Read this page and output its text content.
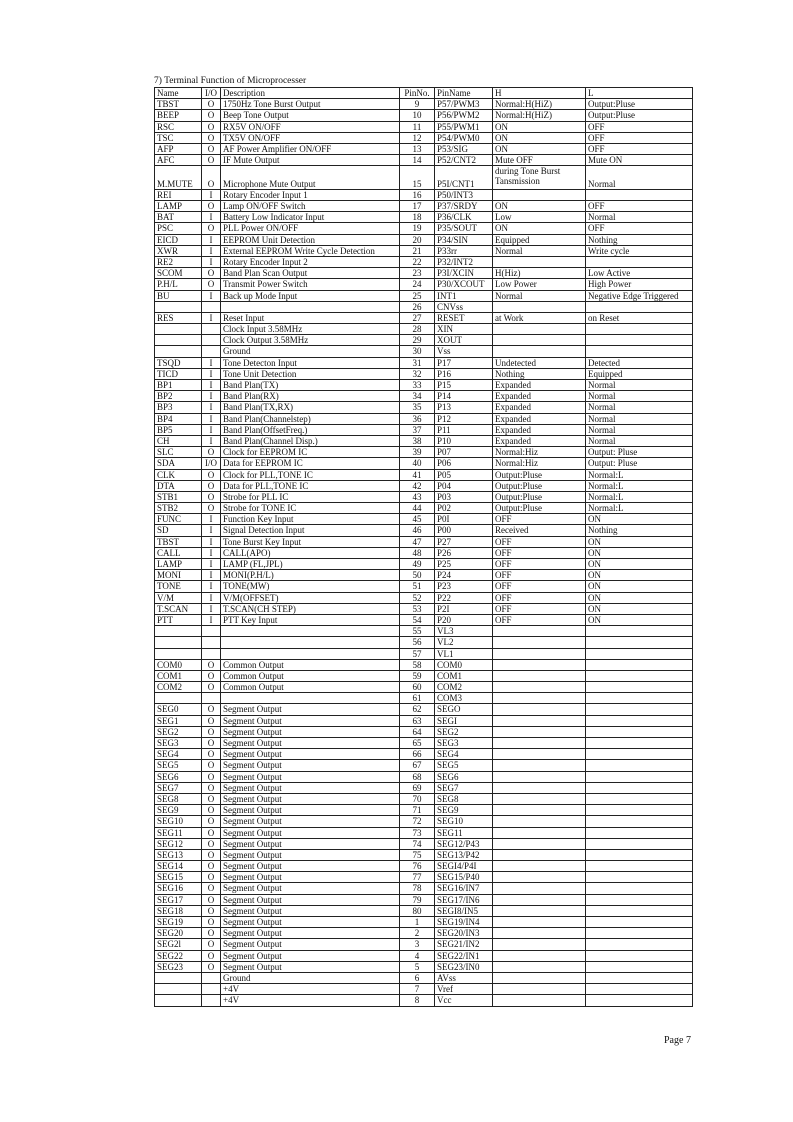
7) Terminal Function of Microprocesser
Name	I/O	Description	PinNo.	PinName	H	L
TBST	O	1750Hz Tone Burst Output	9	P57/PWM3	Normal:H(HiZ)	Output:Pluse
BEEP	O	Beep Tone Output	10	P56/PWM2	Normal:H(HiZ)	Output:Pluse
RSC	O	RX5V ON/OFF	11	P55/PWM1	ON	OFF
TSC	O	TX5V ON/OFF	12	P54/PWM0	ON	OFF
AFP	O	AF Power Amplifier ON/OFF	13	P53/SIG	ON	OFF
AFC	O	IF Mute Output	14	P52/CNT2	Mute OFF	Mute ON
M.MUTE	O	Microphone Mute Output	15	P5I/CNT1	during Tone Burst Tansmission	Normal
REI	I	Rotary Encoder Input 1	16	P50/INT3		
LAMP	O	Lamp ON/OFF Switch	17	P37/SRDY	ON	OFF
BAT	I	Battery Low Indicator Input	18	P36/CLK	Low	Normal
PSC	O	PLL Power ON/OFF	19	P35/SOUT	ON	OFF
EICD	I	EEPROM Unit Detection	20	P34/SIN	Equipped	Nothing
XWR	I	External EEPROM Write Cycle Detection	21	P33rr	Normal	Write cycle
RE2	I	Rotary Encoder Input 2	22	P32/INT2		
SCOM	O	Band Plan Scan Output	23	P3I/XCIN	H(Hiz)	Low Active
P.H/L	O	Transmit Power Switch	24	P30/XCOUT	Low Power	High Power
BU	I	Back up Mode Input	25	INT1	Normal	Negative Edge Triggered
			26	CNVss		
RES	I	Reset Input	27	RESET	at Work	on Reset
		Clock Input 3.58MHz	28	XIN		
		Clock Output 3.58MHz	29	XOUT		
		Ground	30	Vss		
TSQD	I	Tone Detecton Input	31	P17	Undetected	Detected
TICD	I	Tone Unit Detection	32	P16	Nothing	Equipped
BP1	I	Band Plan(TX)	33	P15	Expanded	Normal
BP2	I	Band Plan(RX)	34	P14	Expanded	Normal
BP3	I	Band Plan(TX,RX)	35	P13	Expanded	Normal
BP4	I	Band Plan(Channelstep)	36	P12	Expanded	Normal
BP5	I	Band Plan(OffsetFreq.)	37	P11	Expanded	Normal
CH	I	Band Plan(Channel Disp.)	38	P10	Expanded	Normal
SLC	O	Clock for EEPROM IC	39	P07	Normal:Hiz	Output: Pluse
SDA	I/O	Data for EEPROM IC	40	P06	Normal:Hiz	Output: Pluse
CLK	O	Clock for PLL,TONE IC	41	P05	Output:Pluse	Normal:L
DTA	O	Data for PLL,TONE IC	42	P04	Output:Pluse	Normal:L
STB1	O	Strobe for PLL IC	43	P03	Output:Pluse	Normal:L
STB2	O	Strobe for TONE IC	44	P02	Output:Pluse	Normal:L
FUNC	I	Function Key Input	45	P0I	OFF	ON
SD	I	Signal Detection Input	46	P00	Received	Nothing
TBST	I	Tone Burst Key Input	47	P27	OFF	ON
CALL	I	CALL(APO)	48	P26	OFF	ON
LAMP	I	LAMP (FL,JPL)	49	P25	OFF	ON
MONI	I	MONI(P.H/L)	50	P24	OFF	ON
TONE	I	TONE(MW)	51	P23	OFF	ON
V/M	I	V/M(OFFSET)	52	P22	OFF	ON
T.SCAN	I	T.SCAN(CH STEP)	53	P2I	OFF	ON
PTT	I	PTT Key Input	54	P20	OFF	ON
			55	VL3		
			56	VL2		
			57	VL1		
COM0	O	Common Output	58	COM0		
COM1	O	Common Output	59	COM1		
COM2	O	Common Output	60	COM2		
			61	COM3		
SEG0	O	Segment Output	62	SEGO		
SEG1	O	Segment Output	63	SEGI		
SEG2	O	Segment Output	64	SEG2		
SEG3	O	Segment Output	65	SEG3		
SEG4	O	Segment Output	66	SEG4		
SEG5	O	Segment Output	67	SEG5		
SEG6	O	Segment Output	68	SEG6		
SEG7	O	Segment Output	69	SEG7		
SEG8	O	Segment Output	70	SEG8		
SEG9	O	Segment Output	71	SEG9		
SEG10	O	Segment Output	72	SEG10		
SEG11	O	Segment Output	73	SEG11		
SEG12	O	Segment Output	74	SEG12/P43		
SEG13	O	Segment Output	75	SEG13/P42		
SEG14	O	Segment Output	76	SEGI4/P4I		
SEG15	O	Segment Output	77	SEG15/P40		
SEG16	O	Segment Output	78	SEG16/IN7		
SEG17	O	Segment Output	79	SEG17/IN6		
SEG18	O	Segment Output	80	SEGI8/IN5		
SEG19	O	Segment Output	1	SEG19/IN4		
SEG20	O	Segment Output	2	SEG20/IN3		
SEG2l	O	Segment Output	3	SEG21/IN2		
SEG22	O	Segment Output	4	SEG22/IN1		
SEG23	O	Segment Output	5	SEG23/IN0		
		Ground	6	AVss		
		+4V	7	Vref		
		+4V	8	Vcc		
Page 7
